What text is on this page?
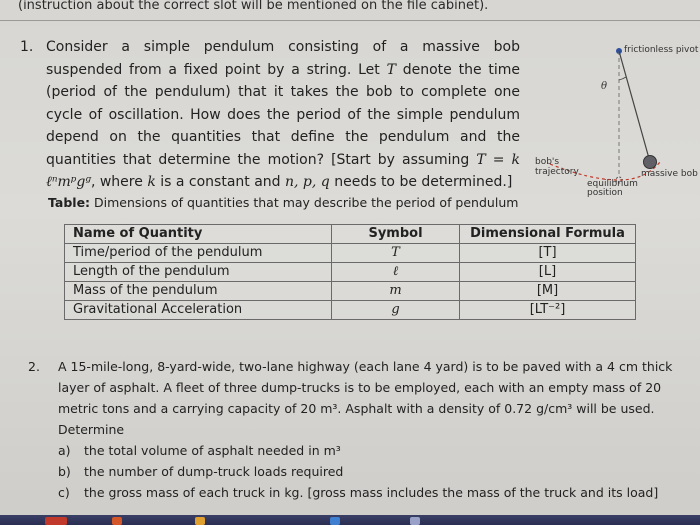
(instruction about the correct slot will be mentioned on the file cabinet).
1. Consider a simple pendulum consisting of a massive bob suspended from a fixed point by a string. Let T denote the time (period of the pendulum) that it takes the bob to complete one cycle of oscillation. How does the period of the simple pendulum depend on the quantities that define the pendulum and the quantities that determine the motion? [Start by assuming T = k ℓⁿmᵖgᵍ, where k is a constant and n, p, q needs to be determined.]
Table: Dimensions of quantities that may describe the period of pendulum
Name of Quantity	Symbol	Dimensional Formula
Time/period of the pendulum	T	[T]
Length of the pendulum	ℓ	[L]
Mass of the pendulum	m	[M]
Gravitational Acceleration	g	[LT⁻²]
frictionless pivot
θ
bob's
trajectory
equilibrium
position
massive bob
2. A 15-mile-long, 8-yard-wide, two-lane highway (each lane 4 yard) is to be paved with a 4 cm thick layer of asphalt. A fleet of three dump-trucks is to be employed, each with an empty mass of 20 metric tons and a carrying capacity of 20 m³. Asphalt with a density of 0.72 g/cm³ will be used.
Determine
a) the total volume of asphalt needed in m³
b) the number of dump-truck loads required
c) the gross mass of each truck in kg. [gross mass includes the mass of the truck and its load]
